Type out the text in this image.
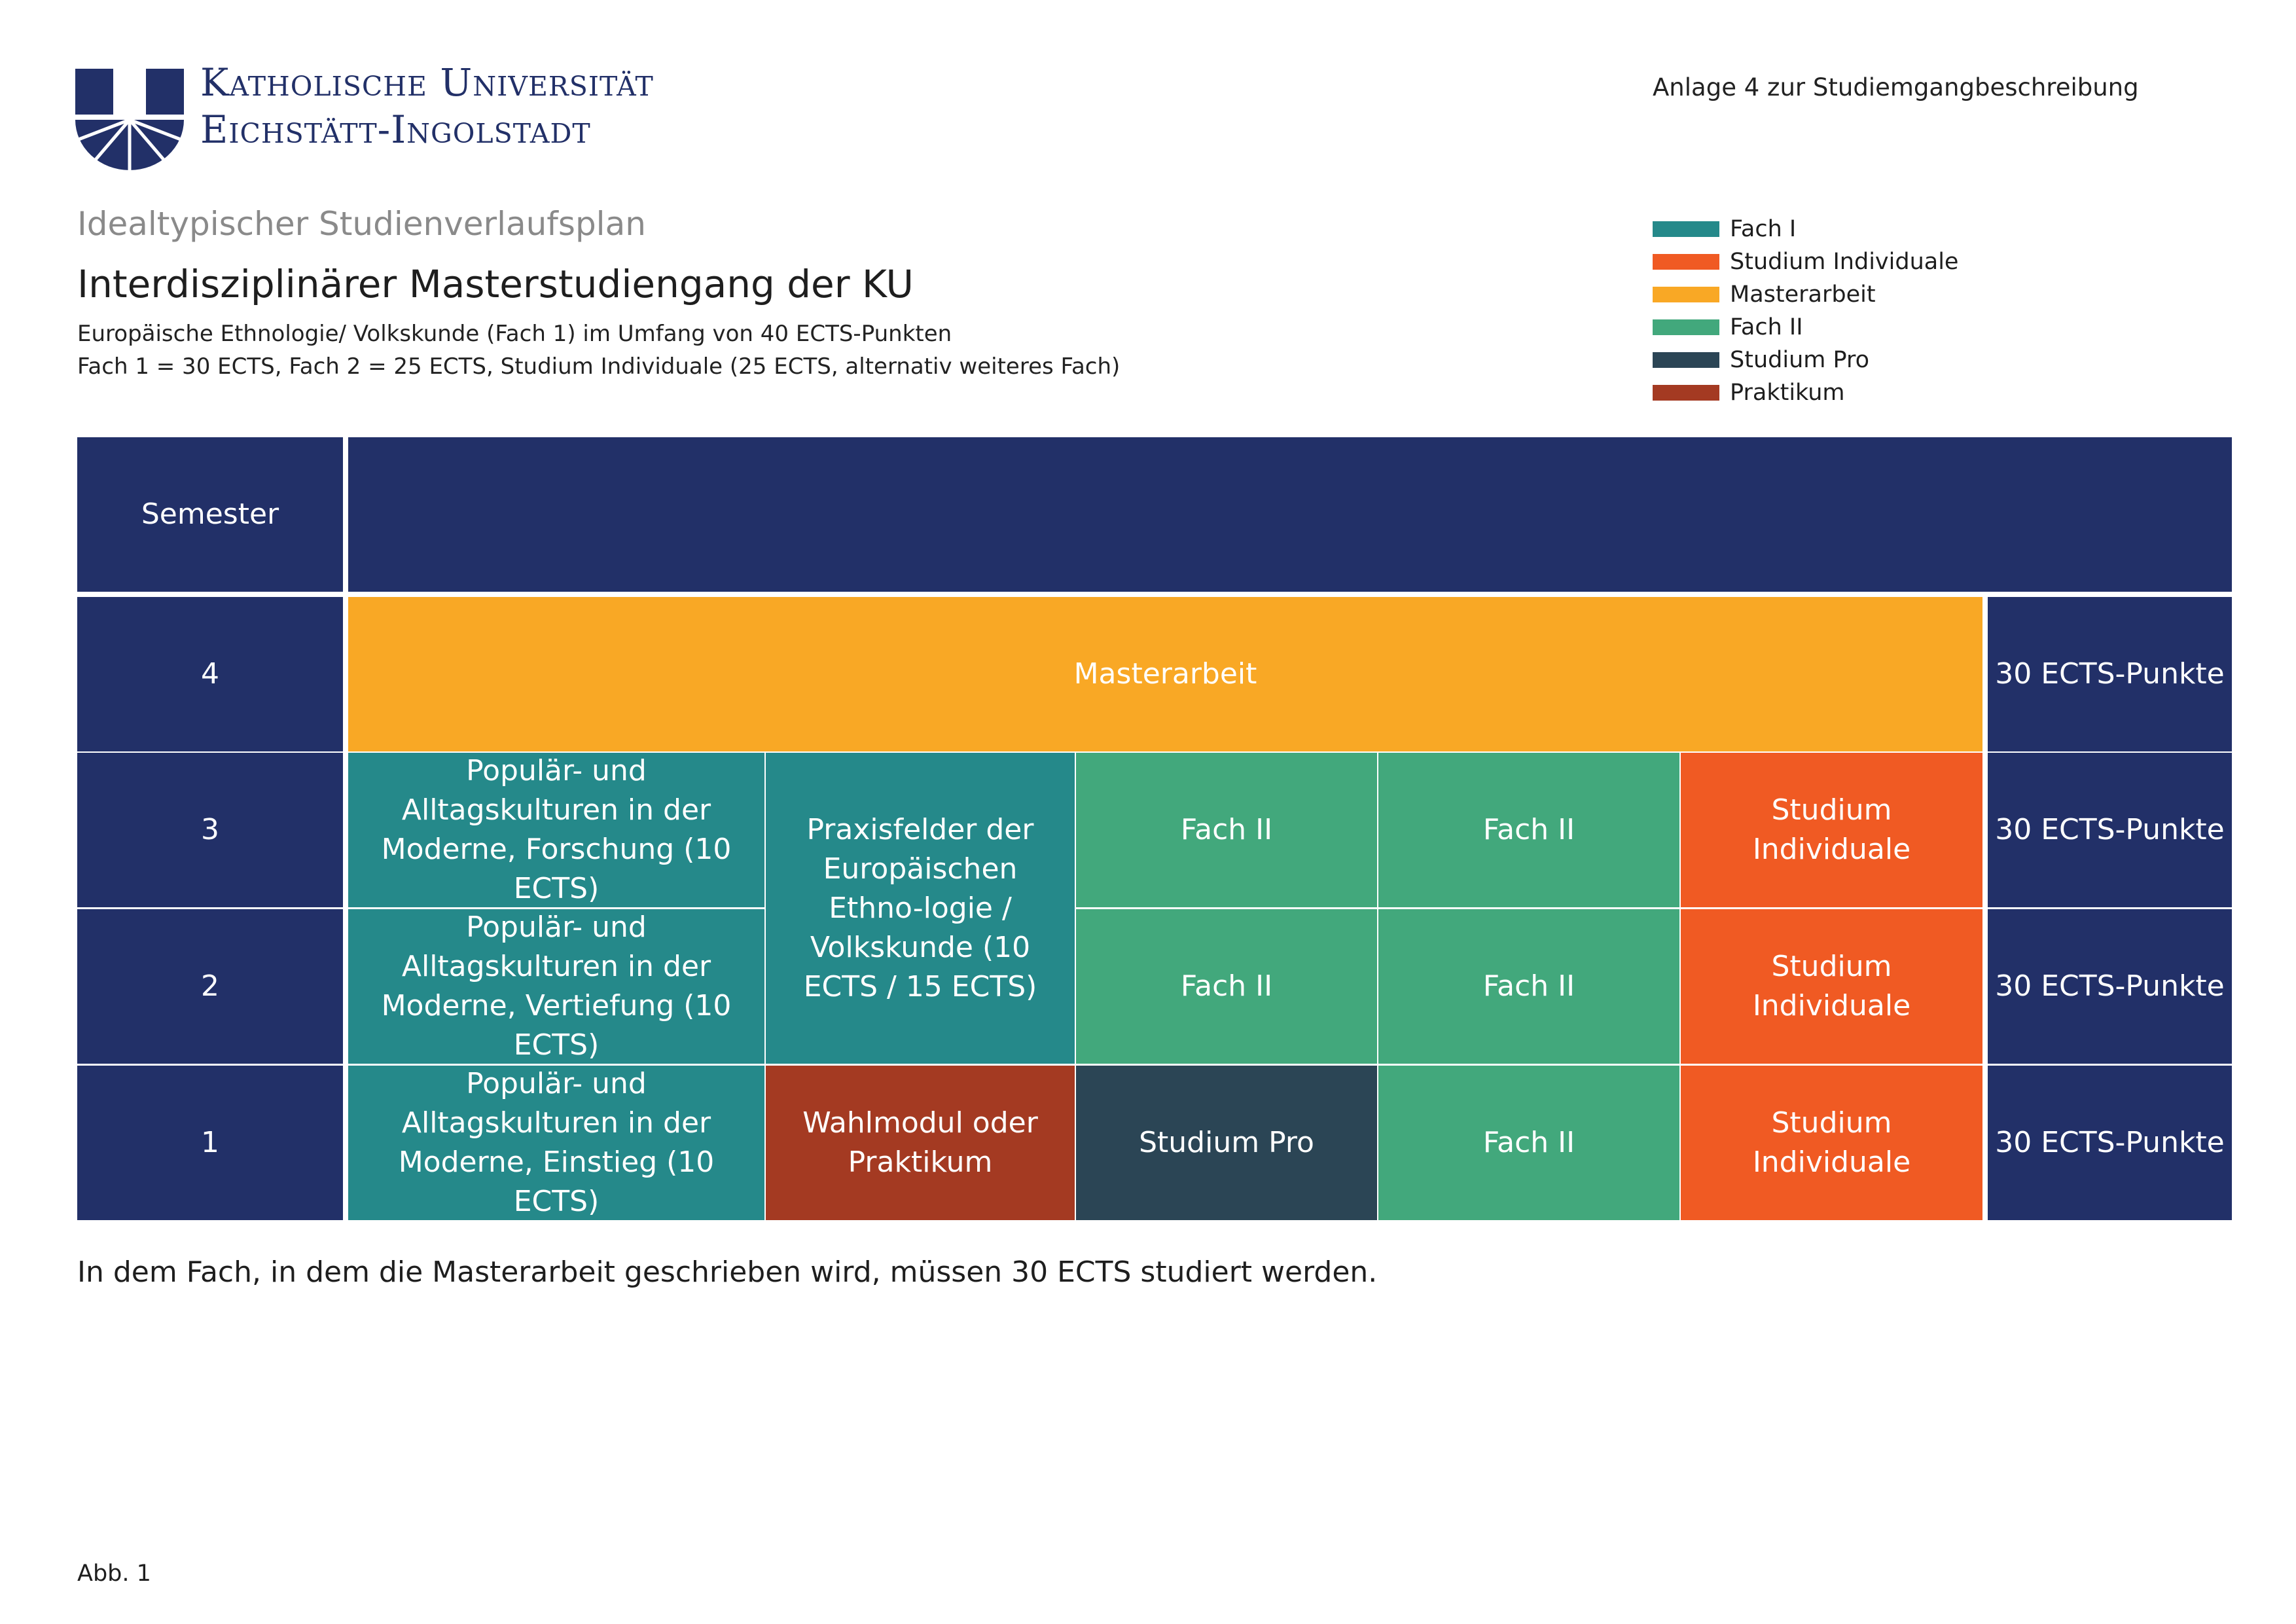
Katholische Universität
Eichstätt-Ingolstadt
Anlage 4 zur Studiemgangbeschreibung
Idealtypischer Studienverlaufsplan
Interdisziplinärer Masterstudiengang der KU
Europäische Ethnologie/ Volkskunde (Fach 1) im Umfang von 40 ECTS-Punkten
Fach 1 = 30 ECTS, Fach 2 = 25 ECTS, Studium Individuale (25 ECTS, alternativ weiteres Fach)
Fach I
Studium Individuale
Masterarbeit
Fach II
Studium Pro
Praktikum
Semester
4
3
2
1
Masterarbeit
Populär- und Alltagskulturen in der Moderne, Forschung (10 ECTS)
Populär- und Alltagskulturen in der Moderne, Vertiefung (10 ECTS)
Populär- und Alltagskulturen in der Moderne, Einstieg (10 ECTS)
Praxisfelder der Europäischen Ethno-logie / Volkskunde (10 ECTS / 15 ECTS)
Wahlmodul oder Praktikum
Fach II
Fach II
Studium Pro
Fach II
Fach II
Fach II
Studium Individuale
Studium Individuale
Studium Individuale
30 ECTS-Punkte
30 ECTS-Punkte
30 ECTS-Punkte
30 ECTS-Punkte
In dem Fach, in dem die Masterarbeit geschrieben wird, müssen 30 ECTS studiert werden.
Abb. 1
